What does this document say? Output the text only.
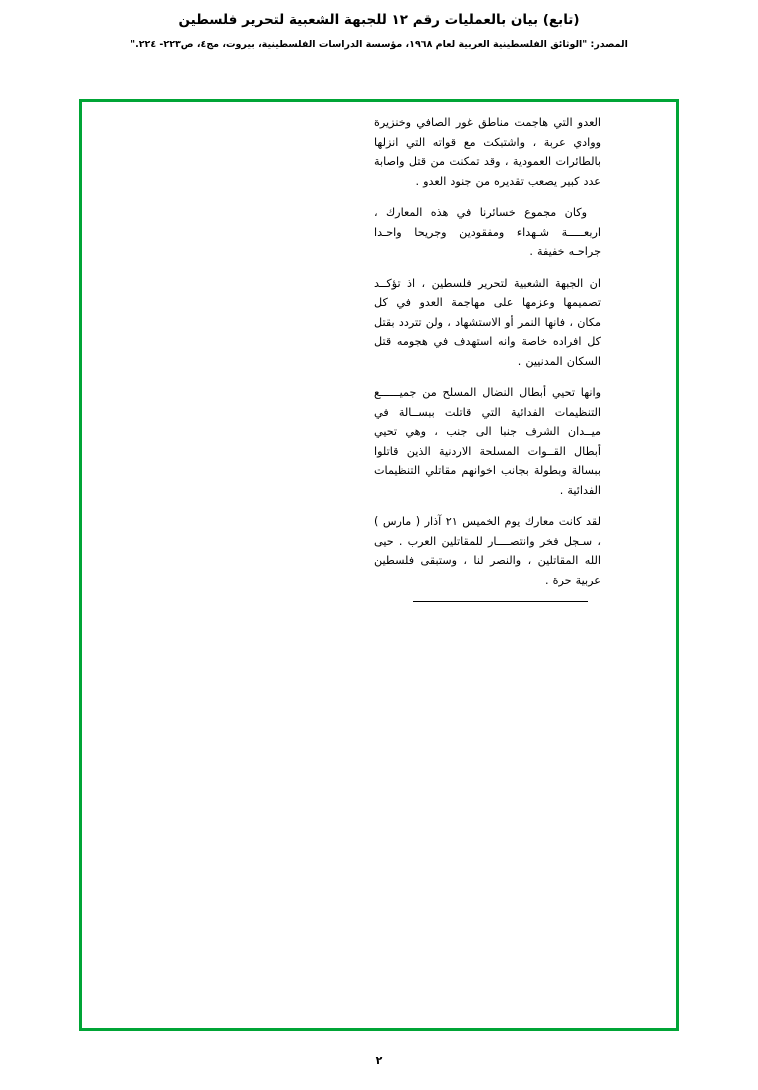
(تابع) بيان بالعمليات رقم ١٢ للجبهة الشعبية لتحرير فلسطين
المصدر: "الوثائق الفلسطينية العربية لعام ١٩٦٨، مؤسسة الدراسات الفلسطينية، بيروت، مج٤، ص٢٢٣- ٢٢٤."

العدو التي هاجمت مناطق غور الصافي وخنزيرة ووادي عربة ، واشتبكت مع قواته التي انزلها بالطائرات العمودية ، وقد تمكنت من قتل واصابة عدد كبير يصعب تقديره من جنود العدو .

وكان مجموع خسائرنا في هذه المعارك ، اربعـــــة شـهداء ومفقودين وجريحا واحـدا جراحـه خفيفة .

ان الجبهة الشعبية لتحرير فلسطين ، اذ تؤكــد تصميمها وعزمها على مهاجمة العدو في كل مكان ، فانها النمر أو الاستشهاد ، ولن تتردد بقتل كل افراده خاصة وانه استهدف في هجومه قتل السكان المدنيين .

وانها تحيي أبطال النضال المسلح من جميــــــع التنظيمات الفدائية التي قاتلت ببســالة في ميــدان الشرف جنبا الى جنب ، وهي تحيي أبطال القــوات المسلحة الاردنية الذين قاتلوا ببسالة وبطولة بجانب اخوانهم مقاتلي التنظيمات الفدائية .

لقد كانت معارك يوم الخميس ٢١ آذار ( مارس ) ، سـجل فخر وانتصــــار للمقاتلين العرب . حيى الله المقاتلين ، والنصر لنا ، وستبقى فلسطين عربية حرة .

٢
